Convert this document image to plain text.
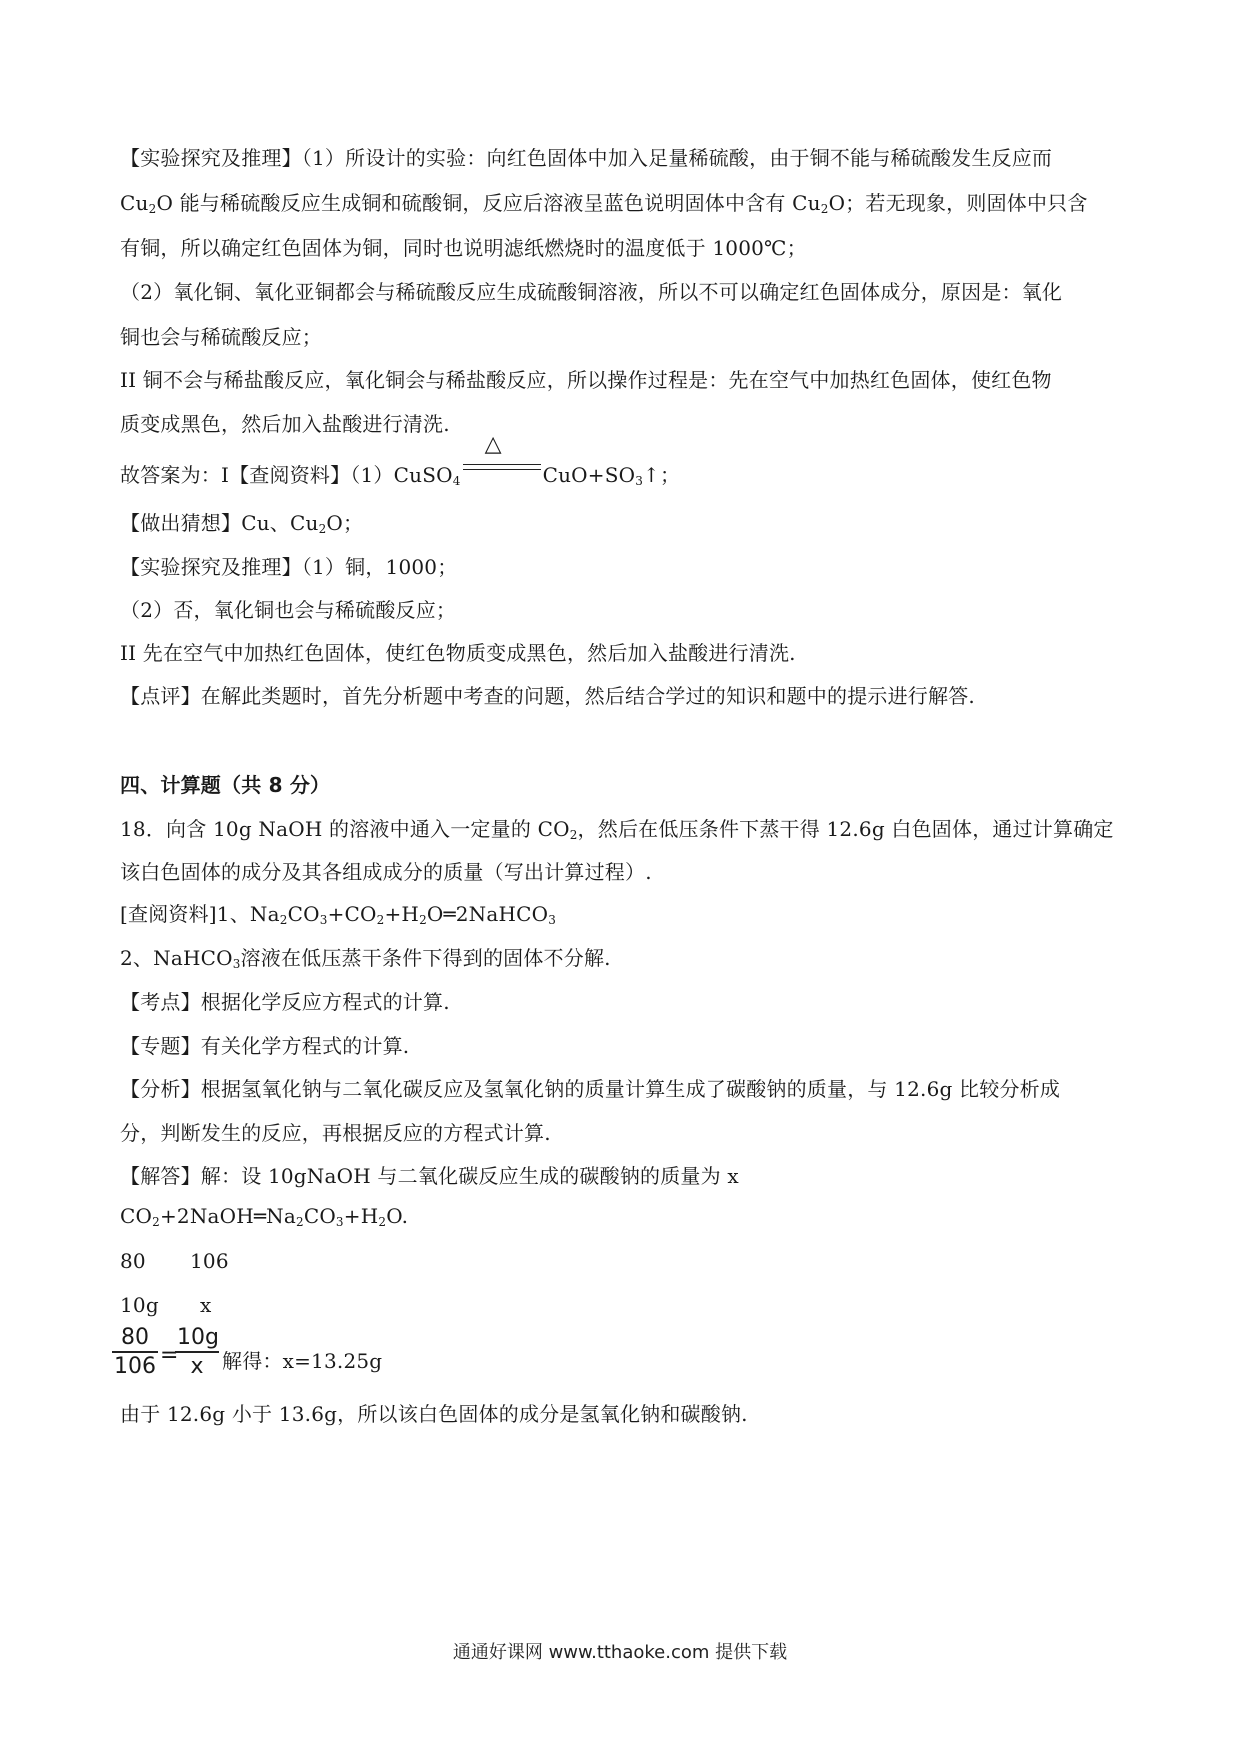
【实验探究及推理】（1）所设计的实验：向红色固体中加入足量稀硫酸，由于铜不能与稀硫酸发生反应而
$Cu_2O$ 能与稀硫酸反应生成铜和硫酸铜，反应后溶液呈蓝色说明固体中含有 $Cu_2O$；若无现象，则固体中只含
有铜，所以确定红色固体为铜，同时也说明滤纸燃烧时的温度低于 1000℃；
（2）氧化铜、氧化亚铜都会与稀硫酸反应生成硫酸铜溶液，所以不可以确定红色固体成分，原因是：氧化
铜也会与稀硫酸反应；
II 铜不会与稀盐酸反应，氧化铜会与稀盐酸反应，所以操作过程是：先在空气中加热红色固体，使红色物
质变成黑色，然后加入盐酸进行清洗.
故答案为：I【查阅资料】（1）CuSO$_4$
△
$CuO+SO_3↑$；
【做出猜想】Cu、$Cu_2O$；
【实验探究及推理】（1）铜，1000；
（2）否，氧化铜也会与稀硫酸反应；
II 先在空气中加热红色固体，使红色物质变成黑色，然后加入盐酸进行清洗.
【点评】在解此类题时，首先分析题中考查的问题，然后结合学过的知识和题中的提示进行解答.
四、计算题（共 8 分）
18．向含 10g NaOH 的溶液中通入一定量的 $CO_2$，然后在低压条件下蒸干得 12.6g 白色固体，通过计算确定
该白色固体的成分及其各组成成分的质量（写出计算过程）.
[查阅资料]1、$Na_2CO_3+CO_2+H_2O═2NaHCO_3$
2、NaHCO$_3$溶液在低压蒸干条件下得到的固体不分解.
【考点】根据化学反应方程式的计算.
【专题】有关化学方程式的计算.
【分析】根据氢氧化钠与二氧化碳反应及氢氧化钠的质量计算生成了碳酸钠的质量，与 12.6g 比较分析成
分，判断发生的反应，再根据反应的方程式计算.
【解答】解：设 10gNaOH 与二氧化碳反应生成的碳酸钠的质量为 x
$CO_2+2NaOH═Na_2CO_3+H_2O$.
80 106
10g x
80
106 =
10g
x 解得：x=13.25g
由于 12.6g 小于 13.6g，所以该白色固体的成分是氢氧化钠和碳酸钠.
通通好课网 www.tthaoke.com 提供下载
